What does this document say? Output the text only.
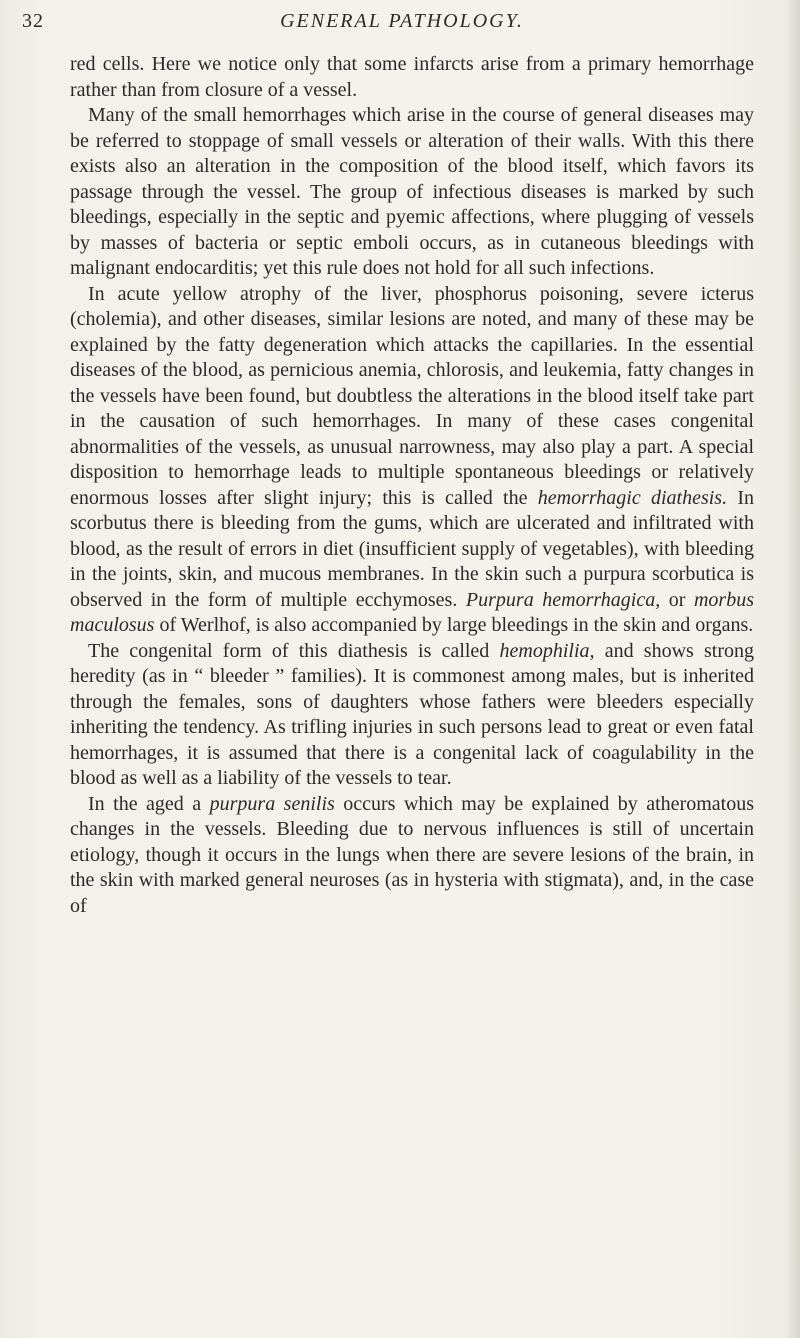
GENERAL PATHOLOGY.
32

red cells. Here we notice only that some infarcts arise from a primary hemorrhage rather than from closure of a vessel.

Many of the small hemorrhages which arise in the course of general diseases may be referred to stoppage of small vessels or alteration of their walls. With this there exists also an alteration in the composition of the blood itself, which favors its passage through the vessel. The group of infectious diseases is marked by such bleedings, especially in the septic and pyemic affections, where plugging of vessels by masses of bacteria or septic emboli occurs, as in cutaneous bleedings with malignant endocarditis; yet this rule does not hold for all such infections.

In acute yellow atrophy of the liver, phosphorus poisoning, severe icterus (cholemia), and other diseases, similar lesions are noted, and many of these may be explained by the fatty degeneration which attacks the capillaries. In the essential diseases of the blood, as pernicious anemia, chlorosis, and leukemia, fatty changes in the vessels have been found, but doubtless the alterations in the blood itself take part in the causation of such hemorrhages. In many of these cases congenital abnormalities of the vessels, as unusual narrowness, may also play a part. A special disposition to hemorrhage leads to multiple spontaneous bleedings or relatively enormous losses after slight injury; this is called the hemorrhagic diathesis. In scorbutus there is bleeding from the gums, which are ulcerated and infiltrated with blood, as the result of errors in diet (insufficient supply of vegetables), with bleeding in the joints, skin, and mucous membranes. In the skin such a purpura scorbutica is observed in the form of multiple ecchymoses. Purpura hemorrhagica, or morbus maculosus of Werlhof, is also accompanied by large bleedings in the skin and organs.

The congenital form of this diathesis is called hemophilia, and shows strong heredity (as in “ bleeder ” families). It is commonest among males, but is inherited through the females, sons of daughters whose fathers were bleeders especially inheriting the tendency. As trifling injuries in such persons lead to great or even fatal hemorrhages, it is assumed that there is a congenital lack of coagulability in the blood as well as a liability of the vessels to tear.

In the aged a purpura senilis occurs which may be explained by atheromatous changes in the vessels. Bleeding due to nervous influences is still of uncertain etiology, though it occurs in the lungs when there are severe lesions of the brain, in the skin with marked general neuroses (as in hysteria with stigmata), and, in the case of
